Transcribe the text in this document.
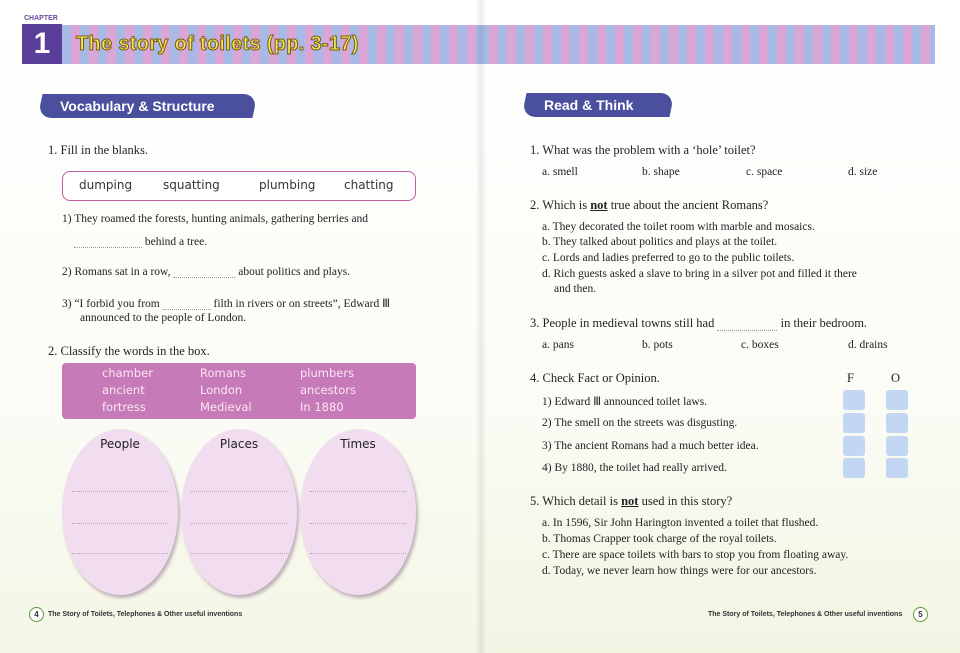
CHAPTER
1	The story of toilets (pp. 3-17)
Vocabulary & Structure
1. Fill in the blanks.
dumping	squatting	plumbing chatting
1) They roamed the forests, hunting animals, gathering berries and
behind a tree.
2) Romans sat in a row,	about politics and plays.
3) “I forbid you from	filth in rivers or on streets”, Edward Ⅲ
announced to the people of London.
2. Classify the words in the box.
chamber	Romans	plumbers
ancient	London	ancestors
fortress	Medieval	In 1880
People	Places	Times
4	The Story of Toilets, Telephones & Other useful inventions
Read & Think
1. What was the problem with a ‘hole’ toilet?
a. smell	b. shape	c. space	d. size
2. Which is not true about the ancient Romans?
a. They decorated the toilet room with marble and mosaics.
b. They talked about politics and plays at the toilet.
c. Lords and ladies preferred to go to the public toilets.
d. Rich guests asked a slave to bring in a silver pot and filled it there
and then.
3. People in medieval towns still had	in their bedroom.
a. pans	b. pots	c. boxes	d. drains
4. Check Fact or Opinion.	F	O
1) Edward Ⅲ announced toilet laws.
2) The smell on the streets was disgusting.
3) The ancient Romans had a much better idea.
4) By 1880, the toilet had really arrived.
5. Which detail is not used in this story?
a. In 1596, Sir John Harington invented a toilet that flushed.
b. Thomas Crapper took charge of the royal toilets.
c. There are space toilets with bars to stop you from floating away.
d. Today, we never learn how things were for our ancestors.
The Story of Toilets, Telephones & Other useful inventions	5
